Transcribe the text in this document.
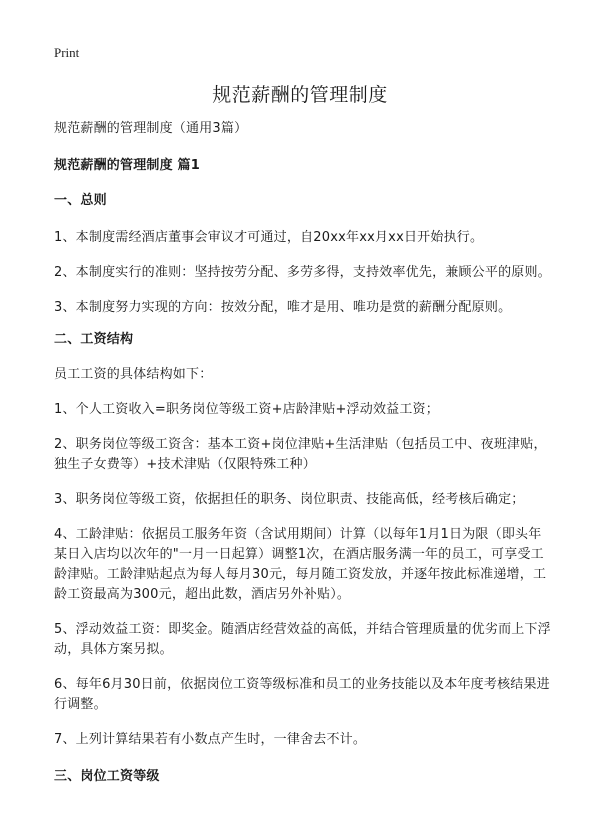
Print
规范薪酬的管理制度

规范薪酬的管理制度（通用3篇）

规范薪酬的管理制度 篇1

一、总则

1、本制度需经酒店董事会审议才可通过，自20xx年xx月xx日开始执行。

2、本制度实行的准则：坚持按劳分配、多劳多得，支持效率优先，兼顾公平的原则。

3、本制度努力实现的方向：按效分配，唯才是用、唯功是赏的薪酬分配原则。

二、工资结构

员工工资的具体结构如下：

1、个人工资收入=职务岗位等级工资+店龄津贴+浮动效益工资；

2、职务岗位等级工资含：基本工资+岗位津贴+生活津贴（包括员工中、夜班津贴，独生子女费等）+技术津贴（仅限特殊工种）

3、职务岗位等级工资，依据担任的职务、岗位职责、技能高低，经考核后确定；

4、工龄津贴：依据员工服务年资（含试用期间）计算（以每年1月1日为限（即头年某日入店均以次年的"一月一日起算）调整1次，在酒店服务满一年的员工，可享受工龄津贴。工龄津贴起点为每人每月30元，每月随工资发放，并逐年按此标准递增，工龄工资最高为300元，超出此数，酒店另外补贴）。

5、浮动效益工资：即奖金。随酒店经营效益的高低，并结合管理质量的优劣而上下浮动，具体方案另拟。

6、每年6月30日前，依据岗位工资等级标准和员工的业务技能以及本年度考核结果进行调整。

7、上列计算结果若有小数点产生时，一律舍去不计。

三、岗位工资等级
